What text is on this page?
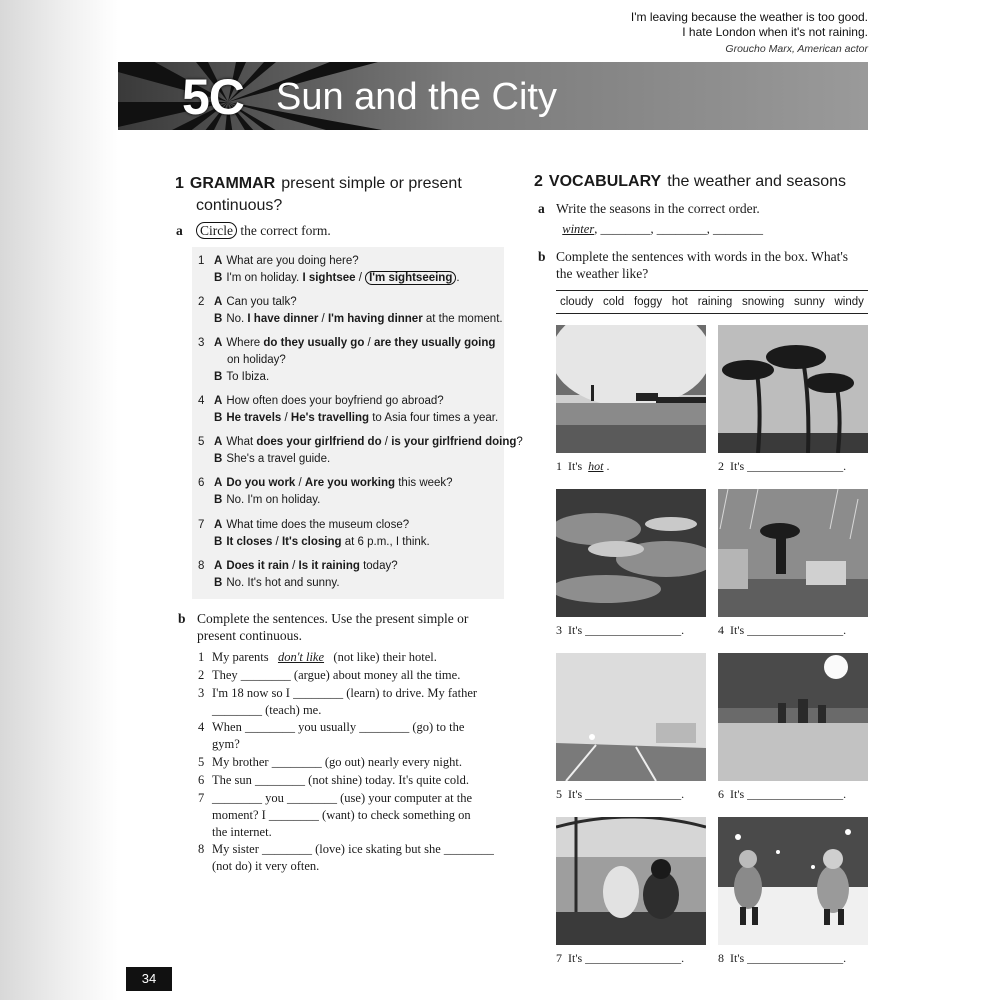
I'm leaving because the weather is too good.
I hate London when it's not raining.
Groucho Marx, American actor
5C Sun and the City
1 GRAMMAR present simple or present
continuous?
a Circle the correct form.
1 A What are you doing here?
B I'm on holiday. I sightsee / I'm sightseeing .
2 A Can you talk?
B No. I have dinner / I'm having dinner at the moment.
3 A Where do they usually go / are they usually going
on holiday?
B To Ibiza.
4 A How often does your boyfriend go abroad?
B He travels / He's travelling to Asia four times a year.
5 A What does your girlfriend do / is your girlfriend doing?
B She's a travel guide.
6 A Do you work / Are you working this week?
B No. I'm on holiday.
7 A What time does the museum close?
B It closes / It's closing at 6 p.m., I think.
8 A Does it rain / Is it raining today?
B No. It's hot and sunny.
b Complete the sentences. Use the present simple or
present continuous.
1 My parents   don't like   (not like) their hotel.
2 They ________ (argue) about money all the time.
3 I'm 18 now so I ________ (learn) to drive. My father
________ (teach) me.
4 When ________ you usually ________ (go) to the
gym?
5 My brother ________ (go out) nearly every night.
6 The sun ________ (not shine) today. It's quite cold.
7 ________ you ________ (use) your computer at the
moment? I ________ (want) to check something on
the internet.
8 My sister ________ (love) ice skating but she ________
(not do) it very often.
2 VOCABULARY the weather and seasons
a Write the seasons in the correct order.
winter, ________, ________, ________
b Complete the sentences with words in the box. What's
the weather like?
cloudy cold foggy hot raining snowing sunny windy
1 It's  hot .	2 It's ________________.
3 It's ________________.	4 It's ________________.
5 It's ________________.	6 It's ________________.
7 It's ________________.	8 It's ________________.
34
